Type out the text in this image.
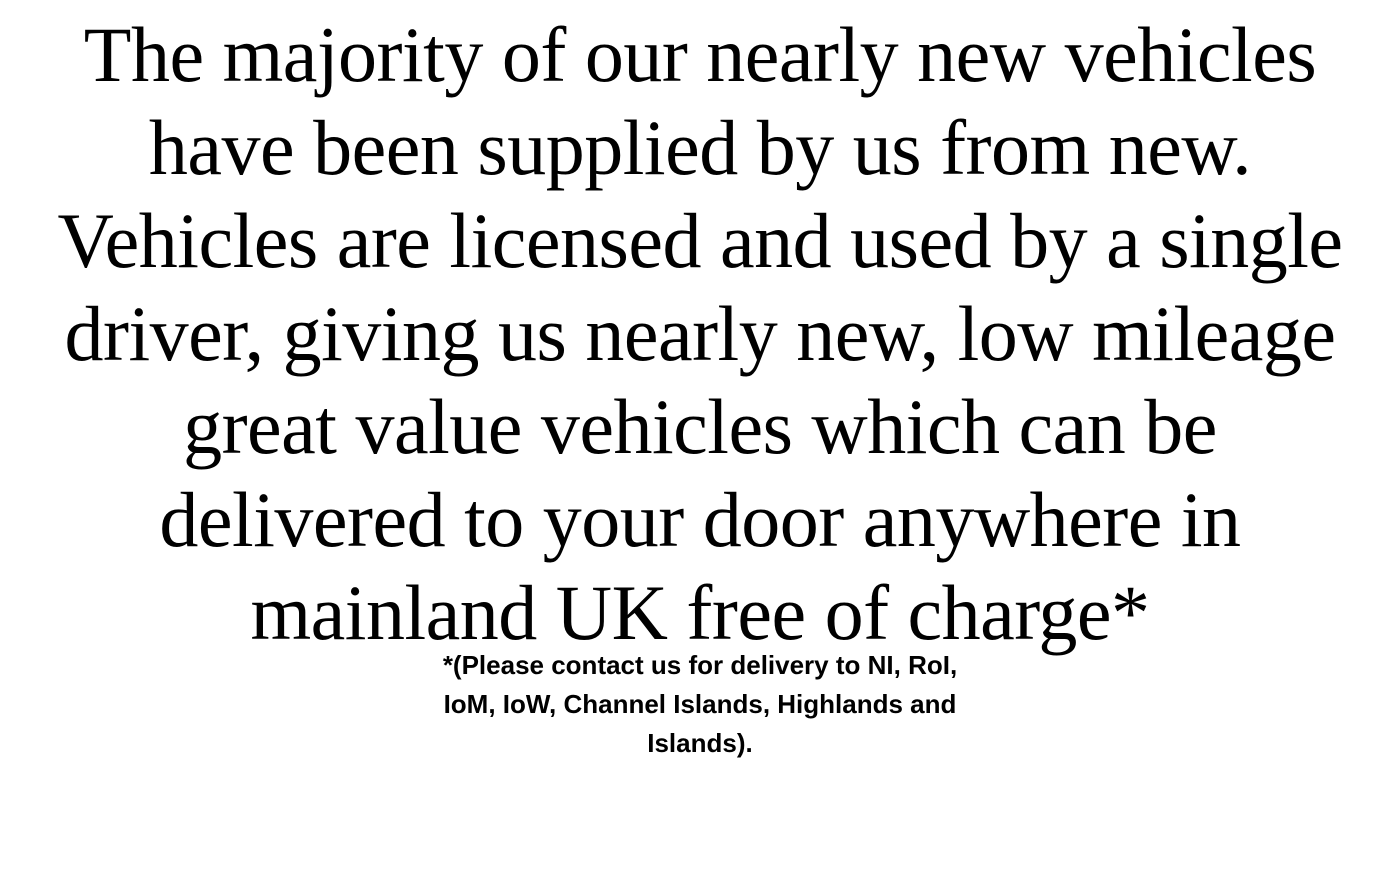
The majority of our nearly new vehicles
have been supplied by us from new.
Vehicles are licensed and used by a single
driver, giving us nearly new, low mileage
great value vehicles which can be
delivered to your door anywhere in
mainland UK free of charge*
*(Please contact us for delivery to NI, RoI,
IoM, IoW, Channel Islands, Highlands and
Islands).
